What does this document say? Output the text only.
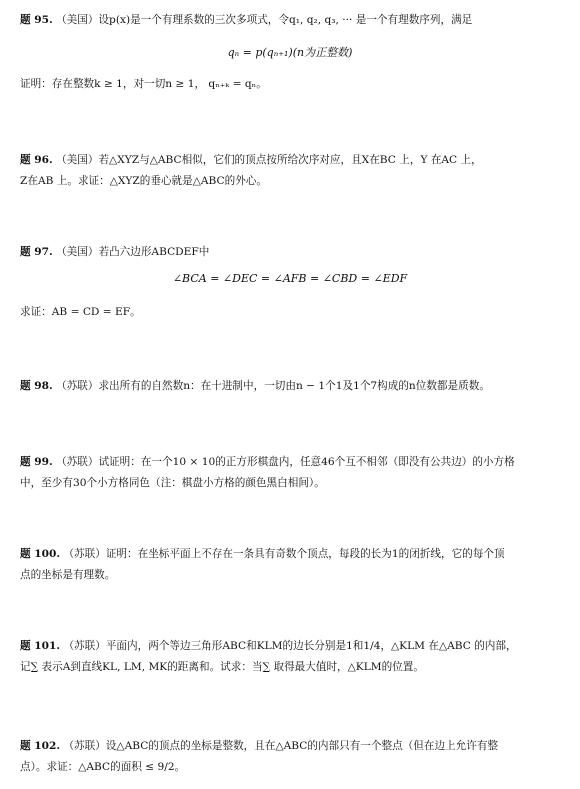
题 95. （美国）设p(x)是一个有理系数的三次多项式，令q₁, q₂, q₃, ··· 是一个有理数序列，满足
qₙ = p(qₙ₊₁)(n为正整数)
证明：存在整数k ≥ 1，对一切n ≥ 1， qₙ₊ₖ = qₙ。
题 96. （美国）若△XYZ与△ABC相似，它们的顶点按所给次序对应，且X在BC 上，Y 在AC 上，
Z在AB 上。求证：△XYZ的垂心就是△ABC的外心。
题 97. （美国）若凸六边形ABCDEF中
∠BCA = ∠DEC = ∠AFB = ∠CBD = ∠EDF
求证：AB = CD = EF。
题 98. （苏联）求出所有的自然数n：在十进制中，一切由n − 1个1及1个7构成的n位数都是质数。
题 99. （苏联）试证明：在一个10 × 10的正方形棋盘内，任意46个互不相邻（即没有公共边）的小方格
中，至少有30个小方格同色（注：棋盘小方格的颜色黑白相间）。
题 100. （苏联）证明：在坐标平面上不存在一条具有奇数个顶点，每段的长为1的闭折线，它的每个顶
点的坐标是有理数。
题 101. （苏联）平面内，两个等边三角形ABC和KLM的边长分别是1和1/4，△KLM 在△ABC 的内部，
记∑ 表示A到直线KL, LM, MK的距离和。试求：当∑ 取得最大值时，△KLM的位置。
题 102. （苏联）设△ABC的顶点的坐标是整数，且在△ABC的内部只有一个整点（但在边上允许有整
点）。求证：△ABC的面积 ≤ 9/2。
